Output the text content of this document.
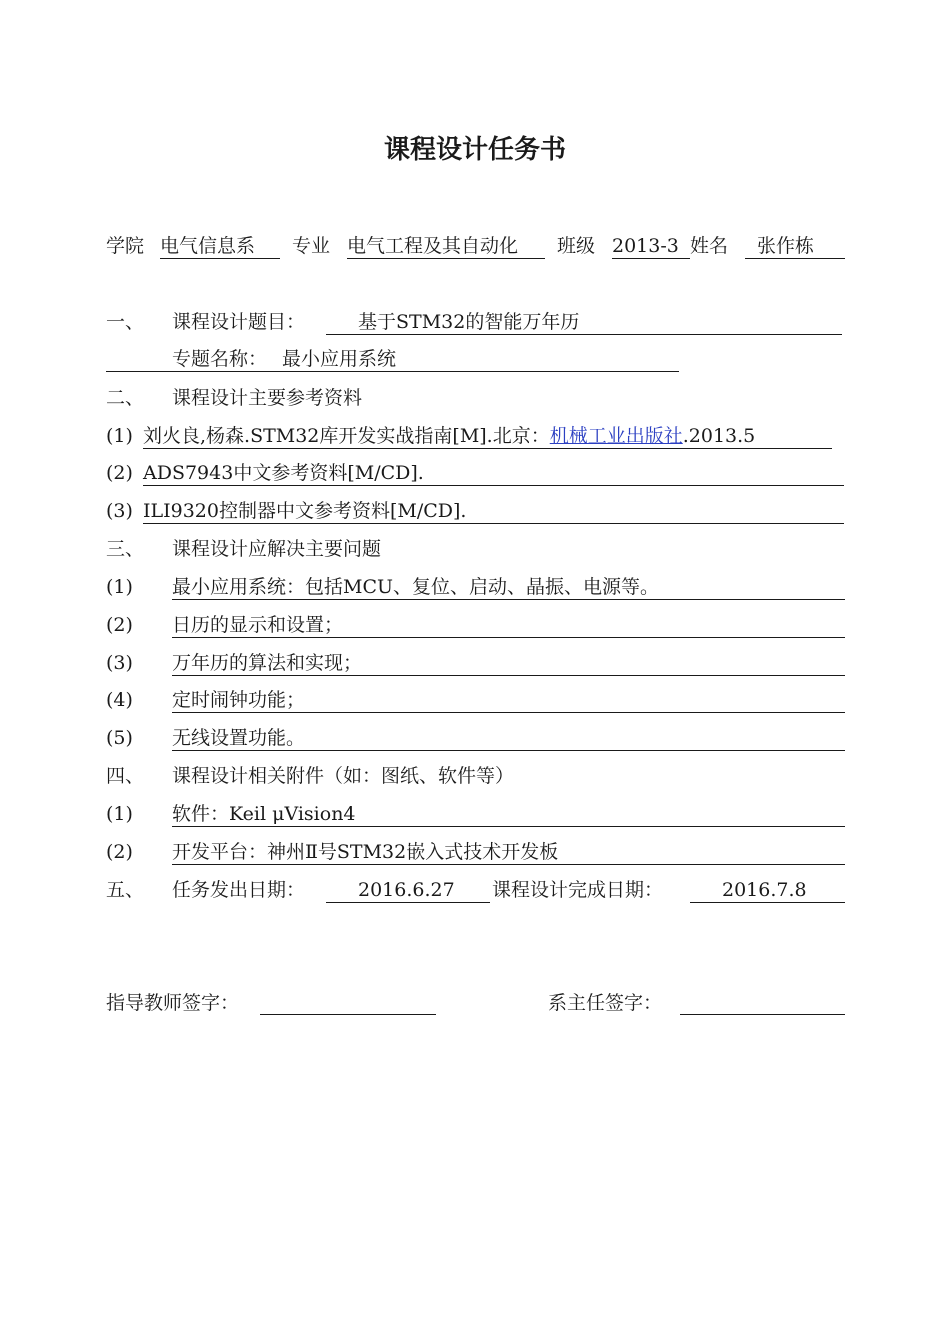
课程设计任务书
学院 电气信息系	专业 电气工程及其自动化	班级 2013-3 姓名	张作栋
一、 课程设计题目：	基于STM32的智能万年历
专题名称： 最小应用系统
二、 课程设计主要参考资料
(1) 刘火良,杨森.STM32库开发实战指南[M].北京：机械工业出版社.2013.5
(2) ADS7943中文参考资料[M/CD].
(3) ILI9320控制器中文参考资料[M/CD].
三、 课程设计应解决主要问题
(1) 最小应用系统：包括MCU、复位、启动、晶振、电源等。
(2) 日历的显示和设置；
(3) 万年历的算法和实现；
(4) 定时闹钟功能；
(5) 无线设置功能。
四、 课程设计相关附件（如：图纸、软件等）
(1) 软件：Keil μVision4
(2) 开发平台：神州Ⅱ号STM32嵌入式技术开发板
五、 任务发出日期：	2016.6.27	课程设计完成日期：	2016.7.8
指导教师签字：	系主任签字：
